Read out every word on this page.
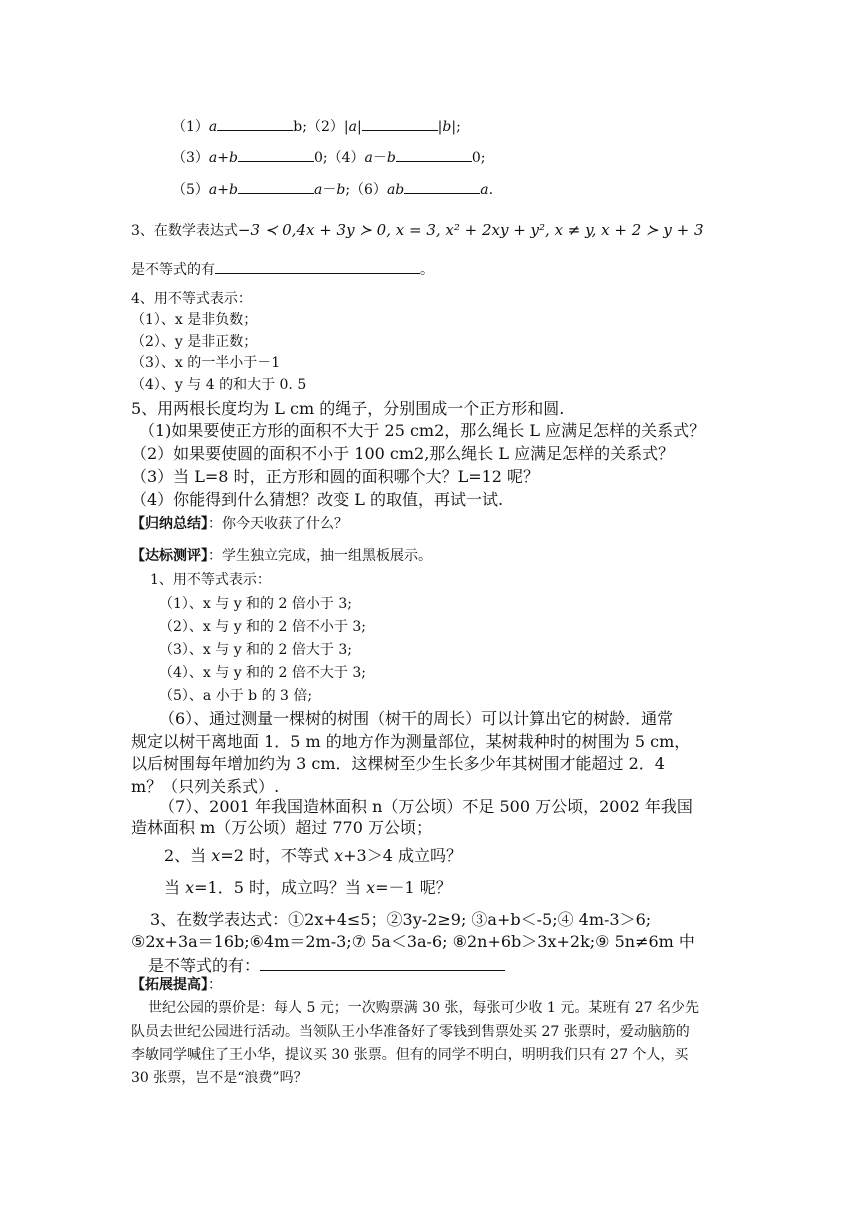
（1）a	b;（2）|a|	|b|;
（3）a+b	0;（4）a－b	0;
（5）a+b	a－b;（6）ab	a.
3、在数学表达式−3 ≺ 0,4x + 3y ≻ 0, x = 3, x² + 2xy + y², x ≠ y, x + 2 ≻ y + 3
是不等式的有	。
4、用不等式表示：
（1）、x 是非负数；
（2）、y 是非正数；
（3）、x 的一半小于－1
（4）、y 与 4 的和大于 0. 5
5、用两根长度均为 L cm 的绳子，分别围成一个正方形和圆.
（1)如果要使正方形的面积不大于 25 cm2，那么绳长 L 应满足怎样的关系式？
（2）如果要使圆的面积不小于 100 cm2,那么绳长 L 应满足怎样的关系式？
（3）当 L=8 时，正方形和圆的面积哪个大？L=12 呢？
（4）你能得到什么猜想？改变 L 的取值，再试一试.
【归纳总结】：你今天收获了什么？
【达标测评】：学生独立完成，抽一组黑板展示。
1、用不等式表示：
（1）、x 与 y 和的 2 倍小于 3;
（2）、x 与 y 和的 2 倍不小于 3;
（3）、x 与 y 和的 2 倍大于 3;
（4）、x 与 y 和的 2 倍不大于 3;
（5）、a 小于 b 的 3 倍;
（6）、通过测量一棵树的树围（树干的周长）可以计算出它的树龄．通常
规定以树干离地面 1．5 m 的地方作为测量部位，某树栽种时的树围为 5 cm，
以后树围每年增加约为 3 cm．这棵树至少生长多少年其树围才能超过 2．4
m？（只列关系式）.
（7）、2001 年我国造林面积 n（万公顷）不足 500 万公顷，2002 年我国
造林面积 m（万公顷）超过 770 万公顷；
2、当 x=2 时，不等式 x+3＞4 成立吗？
当 x=1．5 时，成立吗？当 x=－1 呢？
3、在数学表达式：①2x+4≤5；②3y-2≥9; ③a+b＜-5;④ 4m-3＞6;
⑤2x+3a＝16b;⑥4m＝2m-3;⑦ 5a＜3a-6; ⑧2n+6b＞3x+2k;⑨ 5n≠6m 中
是不等式的有：
【拓展提高】：
世纪公园的票价是：每人 5 元；一次购票满 30 张，每张可少收 1 元。某班有 27 名少先
队员去世纪公园进行活动。当领队王小华准备好了零钱到售票处买 27 张票时，爱动脑筋的
李敏同学喊住了王小华，提议买 30 张票。但有的同学不明白，明明我们只有 27 个人，买
30 张票，岂不是“浪费”吗？
